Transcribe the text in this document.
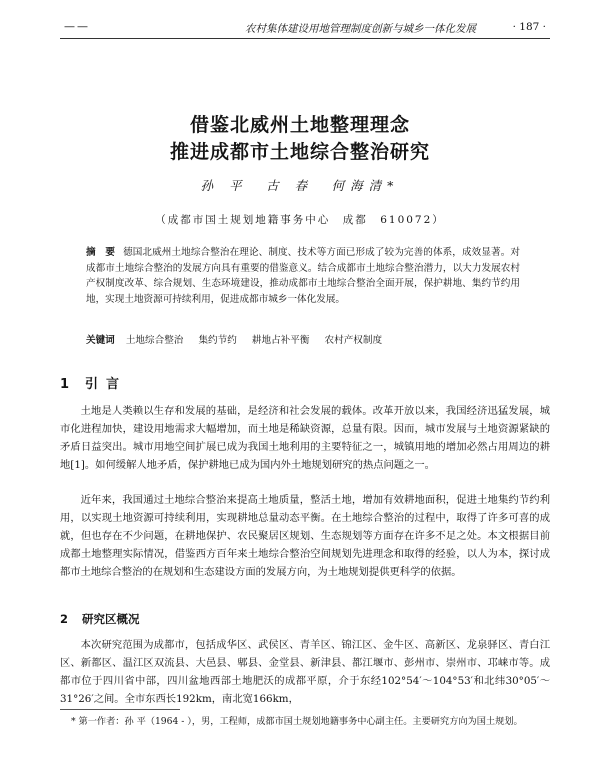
——	农村集体建设用地管理制度创新与城乡一体化发展	· 187 ·
借鉴北威州土地整理理念
推进成都市土地综合整治研究
孙 平　古 春　何海清*
（成都市国土规划地籍事务中心　成都　610072）
摘　要 德国北威州土地综合整治在理论、制度、技术等方面已形成了较为完善的体系，成效显著。对成都市土地综合整治的发展方向具有重要的借鉴意义。结合成都市土地综合整治潜力，以大力发展农村产权制度改革、综合规划、生态环境建设，推动成都市土地综合整治全面开展，保护耕地、集约节约用地，实现土地资源可持续利用，促进成都市城乡一体化发展。
关键词 土地综合整治 集约节约 耕地占补平衡 农村产权制度
1 引言

土地是人类赖以生存和发展的基础，是经济和社会发展的载体。改革开放以来，我国经济迅猛发展，城市化进程加快，建设用地需求大幅增加，而土地是稀缺资源，总量有限。因而，城市发展与土地资源紧缺的矛盾日益突出。城市用地空间扩展已成为我国土地利用的主要特征之一，城镇用地的增加必然占用周边的耕地[1]。如何缓解人地矛盾，保护耕地已成为国内外土地规划研究的热点问题之一。

近年来，我国通过土地综合整治来提高土地质量，整活土地，增加有效耕地面积，促进土地集约节约利用，以实现土地资源可持续利用，实现耕地总量动态平衡。在土地综合整治的过程中，取得了许多可喜的成就，但也存在不少问题，在耕地保护、农民聚居区规划、生态规划等方面存在许多不足之处。本文根据目前成都土地整理实际情况，借鉴西方百年来土地综合整治空间规划先进理念和取得的经验，以人为本，探讨成都市土地综合整治的在规划和生态建设方面的发展方向，为土地规划提供更科学的依据。

2 研究区概况

本次研究范围为成都市，包括成华区、武侯区、青羊区、锦江区、金牛区、高新区、龙泉驿区、青白江区、新都区、温江区双流县、大邑县、郫县、金堂县、新津县、都江堰市、彭州市、崇州市、邛崃市等。成都市位于四川省中部，四川盆地西部土地肥沃的成都平原，介于东经102°54′～104°53′和北纬30°05′～31°26′之间。全市东西长192km，南北宽166km，

* 第一作者：孙 平（1964 - ），男，工程师，成都市国土规划地籍事务中心副主任。主要研究方向为国土规划。
